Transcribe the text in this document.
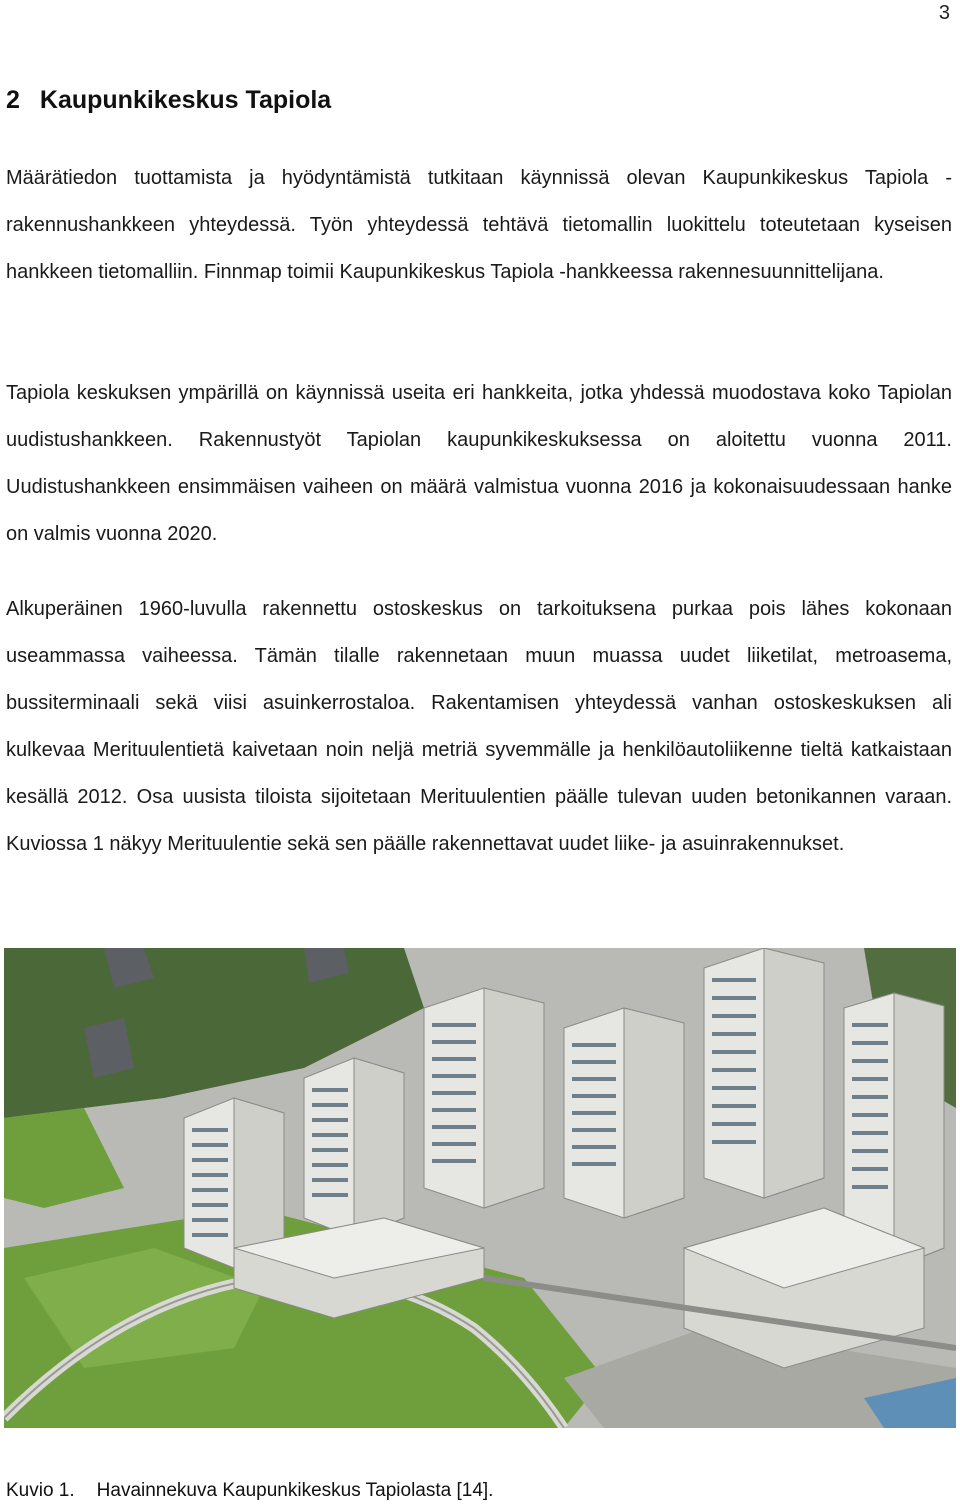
3
2 Kaupunkikeskus Tapiola

Määrätiedon tuottamista ja hyödyntämistä tutkitaan käynnissä olevan Kaupunkikeskus Tapiola -rakennushankkeen yhteydessä. Työn yhteydessä tehtävä tietomallin luokittelu toteutetaan kyseisen hankkeen tietomalliin. Finnmap toimii Kaupunkikeskus Tapiola -hankkeessa rakennesuunnittelijana.

Tapiola keskuksen ympärillä on käynnissä useita eri hankkeita, jotka yhdessä muodostava koko Tapiolan uudistushankkeen. Rakennustyöt Tapiolan kaupunkikeskuksessa on aloitettu vuonna 2011. Uudistushankkeen ensimmäisen vaiheen on määrä valmistua vuonna 2016 ja kokonaisuudessaan hanke on valmis vuonna 2020.

Alkuperäinen 1960-luvulla rakennettu ostoskeskus on tarkoituksena purkaa pois lähes kokonaan useammassa vaiheessa. Tämän tilalle rakennetaan muun muassa uudet liiketilat, metroasema, bussiterminaali sekä viisi asuinkerrostaloa. Rakentamisen yhteydessä vanhan ostoskeskuksen ali kulkevaa Merituulentietä kaivetaan noin neljä metriä syvemmälle ja henkilöautoliikenne tieltä katkaistaan kesällä 2012. Osa uusista tiloista sijoitetaan Merituulentien päälle tulevan uuden betonikannen varaan. Kuviossa 1 näkyy Merituulentie sekä sen päälle rakennettavat uudet liike- ja asuinrakennukset.

Kuvio 1. Havainnekuva Kaupunkikeskus Tapiolasta [14].
